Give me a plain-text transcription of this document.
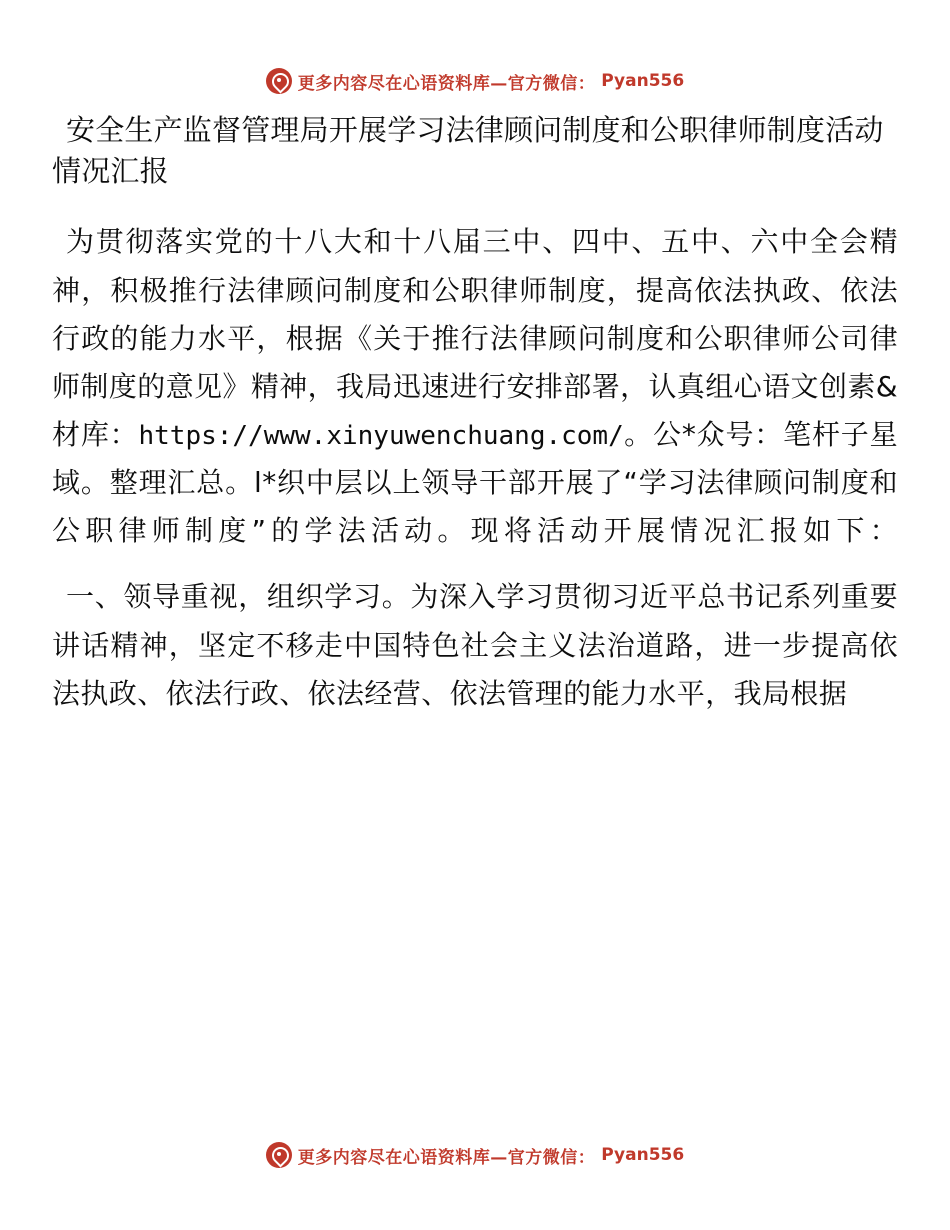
更多内容尽在心语资料库—官方微信： Pyan556
安全生产监督管理局开展学习法律顾问制度和公职律师制度活动情况汇报
为贯彻落实党的十八大和十八届三中、四中、五中、六中全会精神，积极推行法律顾问制度和公职律师制度，提高依法执政、依法行政的能力水平，根据《关于推行法律顾问制度和公职律师公司律师制度的意见》精神，我局迅速进行安排部署，认真组心语文创素&材库：https://www.xinyuwenchuang.com/。公*众号：笔杆子星域。整理汇总。l*织中层以上领导干部开展了“学习法律顾问制度和公职律师制度”的学法活动。现将活动开展情况汇报如下：
一、领导重视，组织学习。为深入学习贯彻习近平总书记系列重要讲话精神，坚定不移走中国特色社会主义法治道路，进一步提高依法执政、依法行政、依法经营、依法管理的能力水平，我局根据
更多内容尽在心语资料库—官方微信： Pyan556
